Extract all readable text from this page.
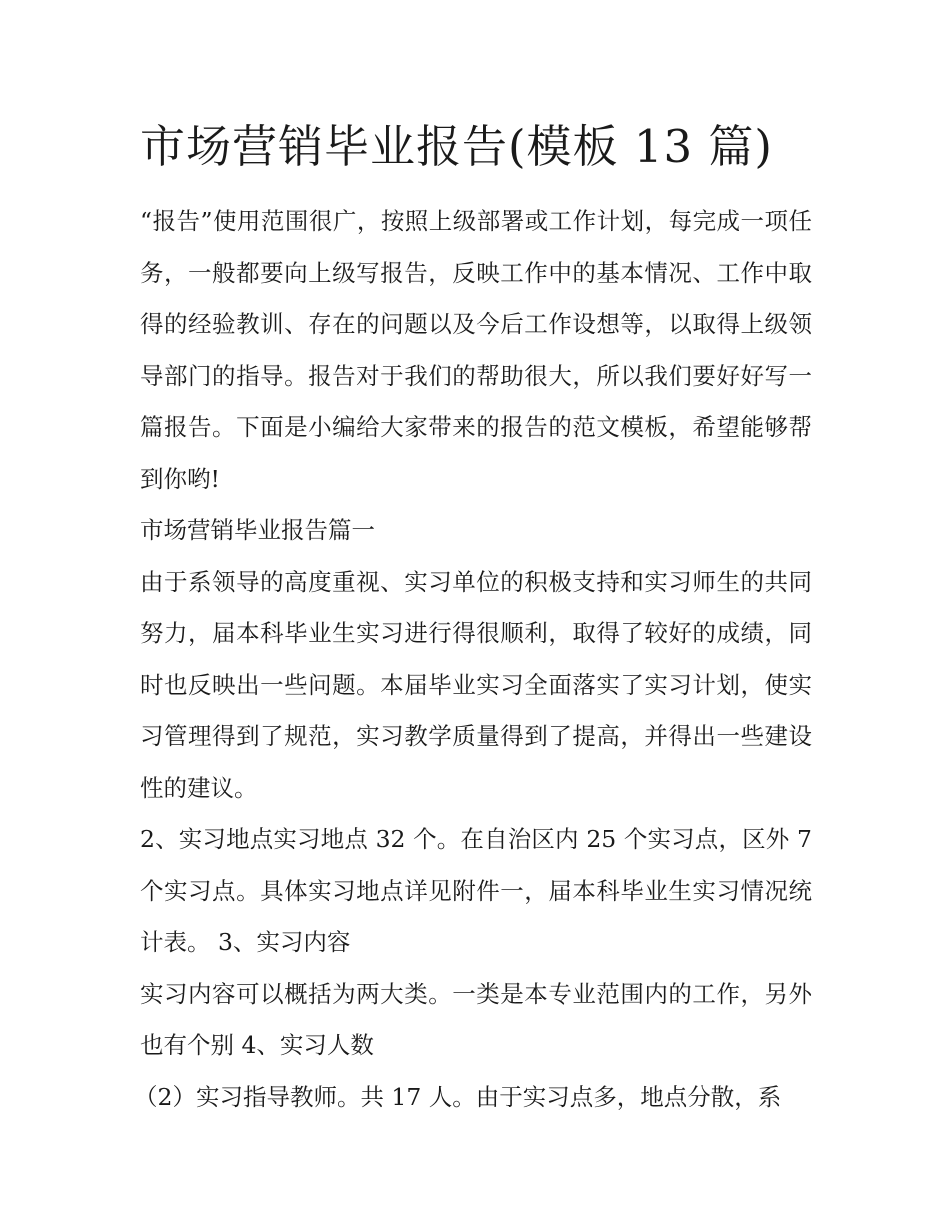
市场营销毕业报告(模板 13 篇)

“报告”使用范围很广，按照上级部署或工作计划，每完成一项任务，一般都要向上级写报告，反映工作中的基本情况、工作中取得的经验教训、存在的问题以及今后工作设想等，以取得上级领导部门的指导。报告对于我们的帮助很大，所以我们要好好写一篇报告。下面是小编给大家带来的报告的范文模板，希望能够帮到你哟!

市场营销毕业报告篇一

由于系领导的高度重视、实习单位的积极支持和实习师生的共同努力，届本科毕业生实习进行得很顺利，取得了较好的成绩，同时也反映出一些问题。本届毕业实习全面落实了实习计划，使实习管理得到了规范，实习教学质量得到了提高，并得出一些建设性的建议。

2、实习地点实习地点 32 个。在自治区内 25 个实习点，区外 7 个实习点。具体实习地点详见附件一，届本科毕业生实习情况统计表。 3、实习内容

实习内容可以概括为两大类。一类是本专业范围内的工作，另外也有个别 4、实习人数

（2）实习指导教师。共 17 人。由于实习点多，地点分散，系
